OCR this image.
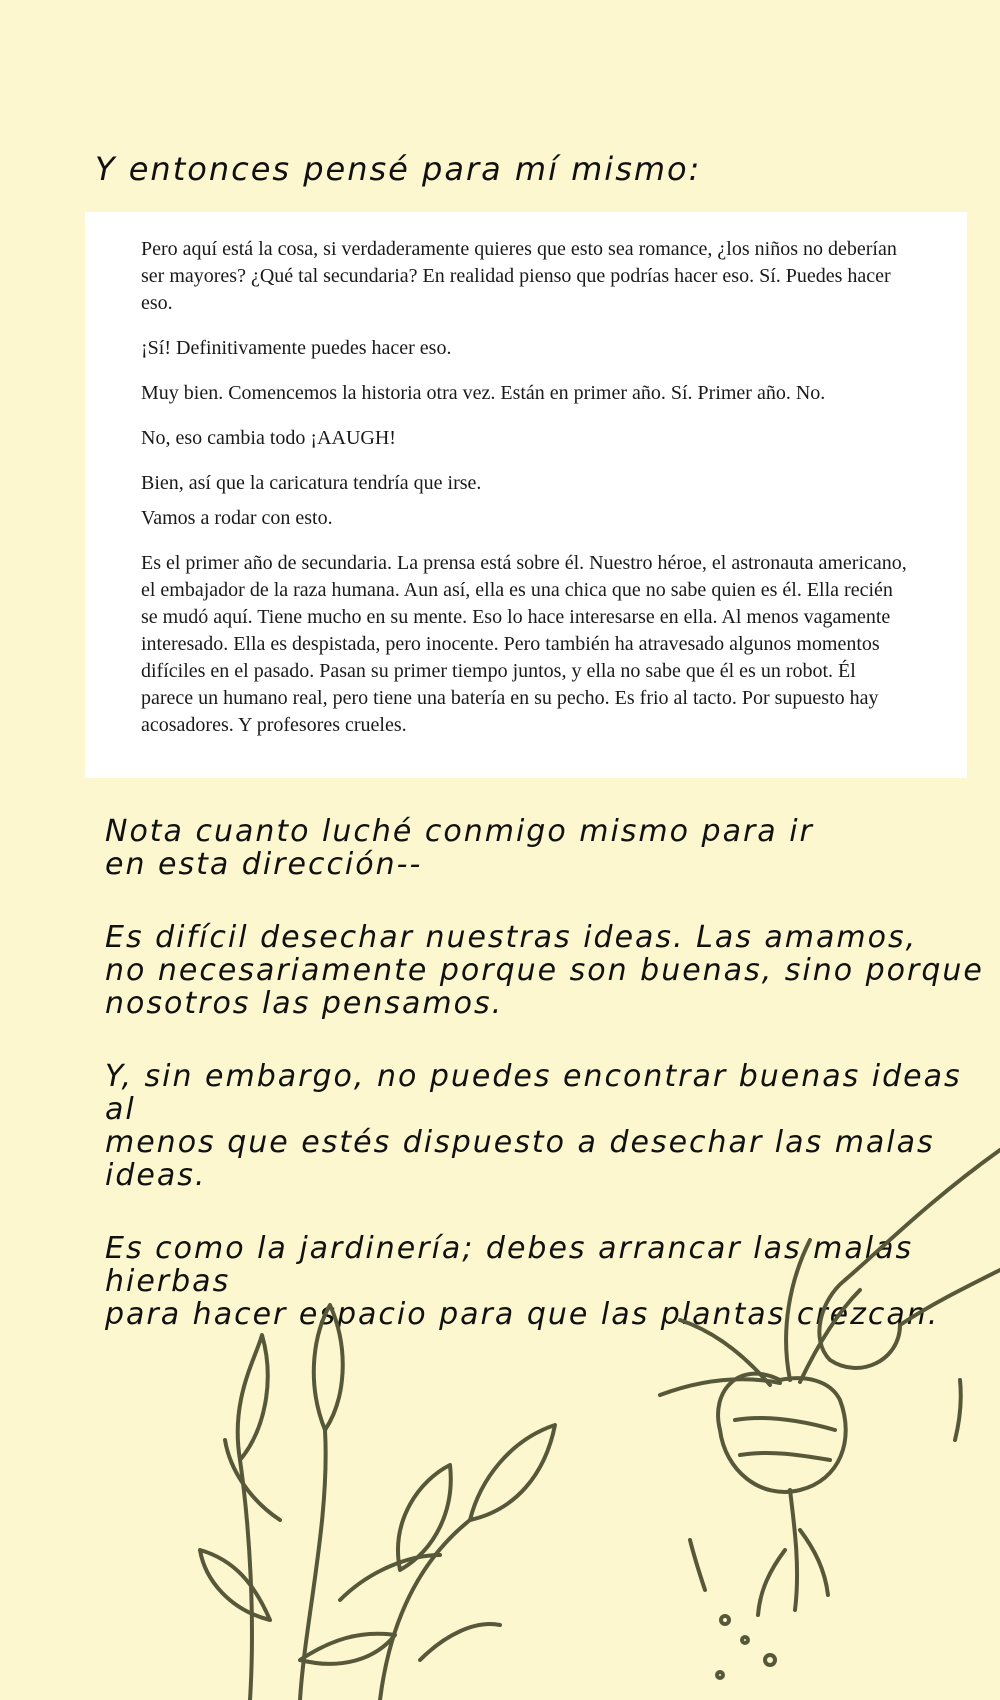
Y entonces pensé para mí mismo:

Pero aquí está la cosa, si verdaderamente quieres que esto sea romance, ¿los niños no deberían ser mayores? ¿Qué tal secundaria? En realidad pienso que podrías hacer eso. Sí. Puedes hacer eso.

¡Sí! Definitivamente puedes hacer eso.

Muy bien. Comencemos la historia otra vez. Están en primer año. Sí. Primer año. No.

No, eso cambia todo ¡AAUGH!

Bien, así que la caricatura tendría que irse.

Vamos a rodar con esto.

Es el primer año de secundaria. La prensa está sobre él. Nuestro héroe, el astronauta americano, el embajador de la raza humana. Aun así, ella es una chica que no sabe quien es él. Ella recién se mudó aquí. Tiene mucho en su mente. Eso lo hace interesarse en ella. Al menos vagamente interesado. Ella es despistada, pero inocente. Pero también ha atravesado algunos momentos difíciles en el pasado. Pasan su primer tiempo juntos, y ella no sabe que él es un robot. Él parece un humano real, pero tiene una batería en su pecho. Es frio al tacto. Por supuesto hay acosadores. Y profesores crueles.

Nota cuanto luché conmigo mismo para ir
en esta dirección--

Es difícil desechar nuestras ideas. Las amamos,
no necesariamente porque son buenas, sino porque
nosotros las pensamos.

Y, sin embargo, no puedes encontrar buenas ideas al
menos que estés dispuesto a desechar las malas ideas.

Es como la jardinería; debes arrancar las malas hierbas
para hacer espacio para que las plantas crezcan.
